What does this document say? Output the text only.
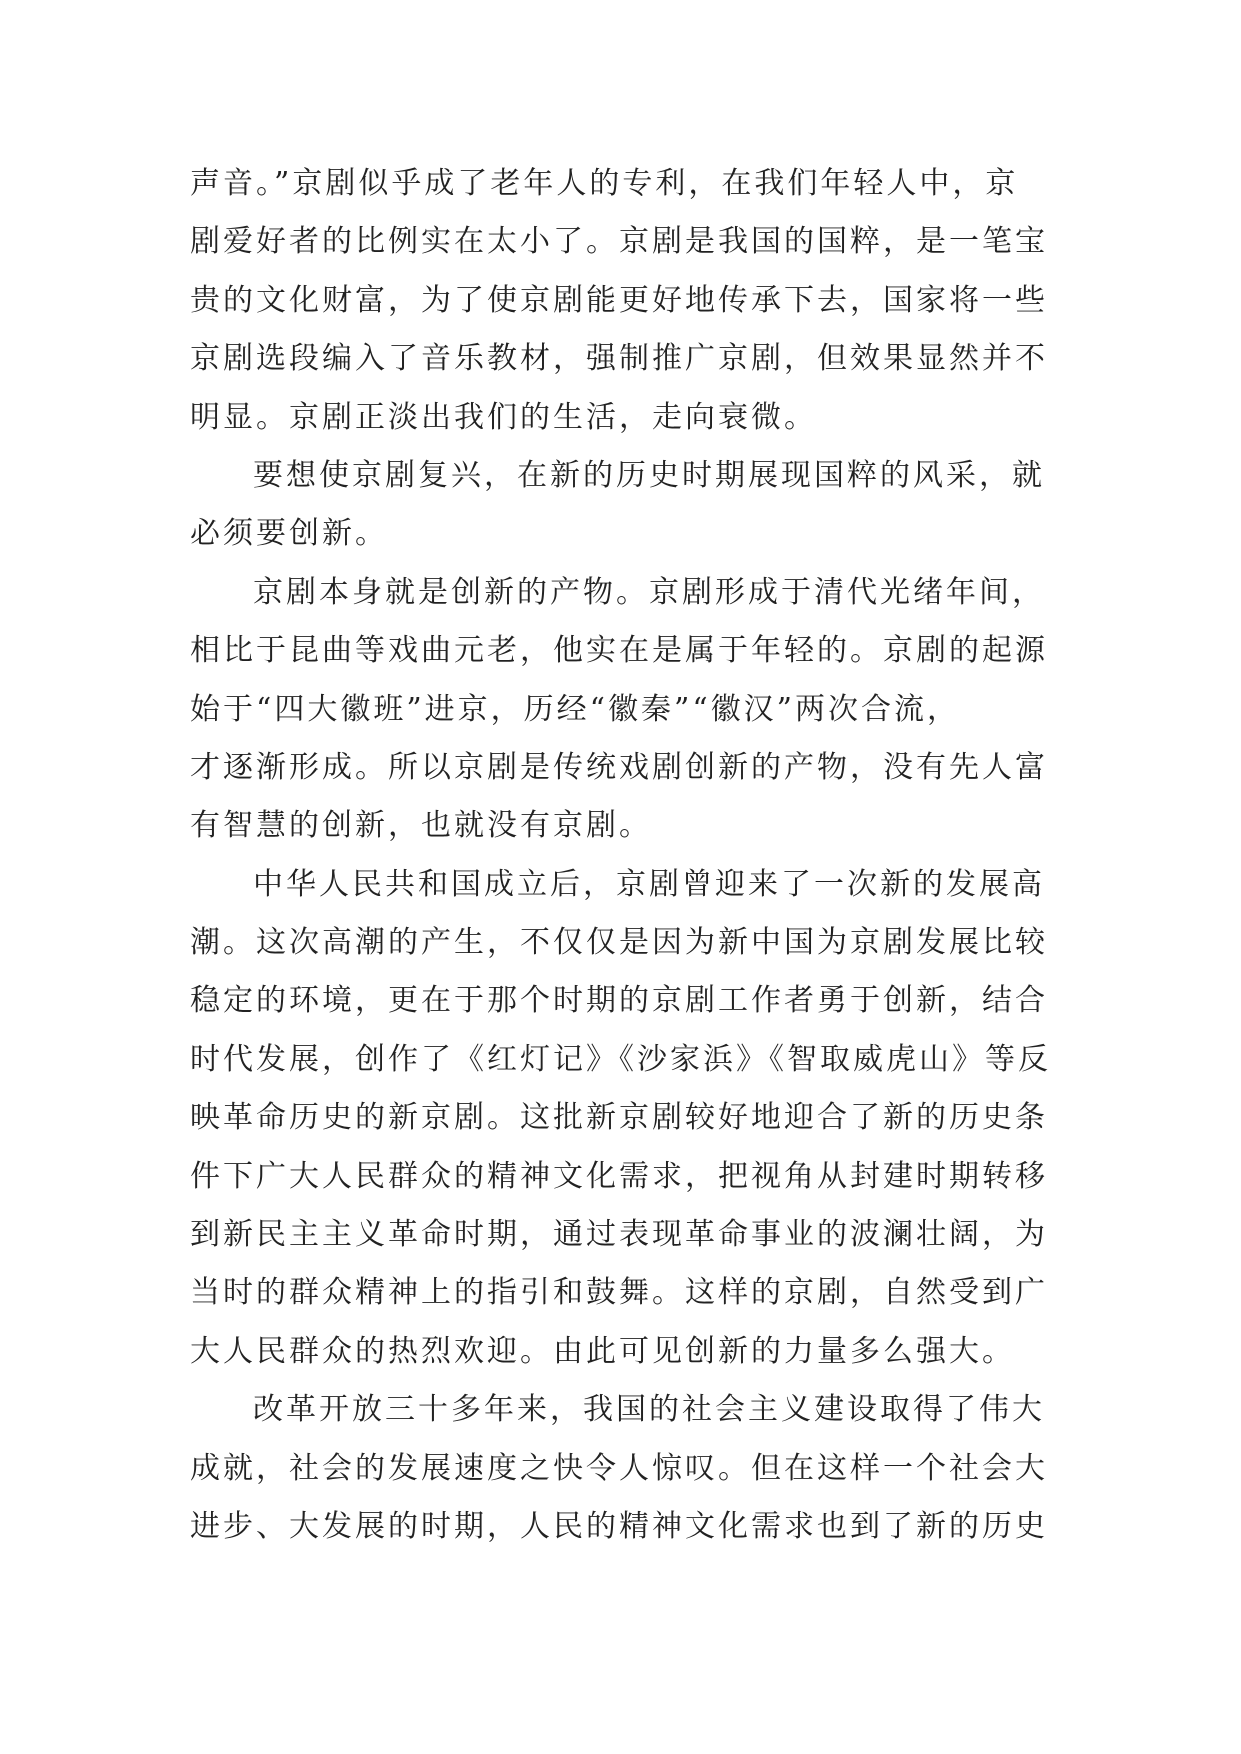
声音。”京剧似乎成了老年人的专利，在我们年轻人中，京
剧爱好者的比例实在太小了。京剧是我国的国粹，是一笔宝
贵的文化财富，为了使京剧能更好地传承下去，国家将一些
京剧选段编入了音乐教材，强制推广京剧，但效果显然并不
明显。京剧正淡出我们的生活，走向衰微。
要想使京剧复兴，在新的历史时期展现国粹的风采，就
必须要创新。
京剧本身就是创新的产物。京剧形成于清代光绪年间，
相比于昆曲等戏曲元老，他实在是属于年轻的。京剧的起源
始于“四大徽班”进京，历经“徽秦”“徽汉”两次合流，
才逐渐形成。所以京剧是传统戏剧创新的产物，没有先人富
有智慧的创新，也就没有京剧。
中华人民共和国成立后，京剧曾迎来了一次新的发展高
潮。这次高潮的产生，不仅仅是因为新中国为京剧发展比较
稳定的环境，更在于那个时期的京剧工作者勇于创新，结合
时代发展，创作了《红灯记》《沙家浜》《智取威虎山》等反
映革命历史的新京剧。这批新京剧较好地迎合了新的历史条
件下广大人民群众的精神文化需求，把视角从封建时期转移
到新民主主义革命时期，通过表现革命事业的波澜壮阔，为
当时的群众精神上的指引和鼓舞。这样的京剧，自然受到广
大人民群众的热烈欢迎。由此可见创新的力量多么强大。
改革开放三十多年来，我国的社会主义建设取得了伟大
成就，社会的发展速度之快令人惊叹。但在这样一个社会大
进步、大发展的时期，人民的精神文化需求也到了新的历史
